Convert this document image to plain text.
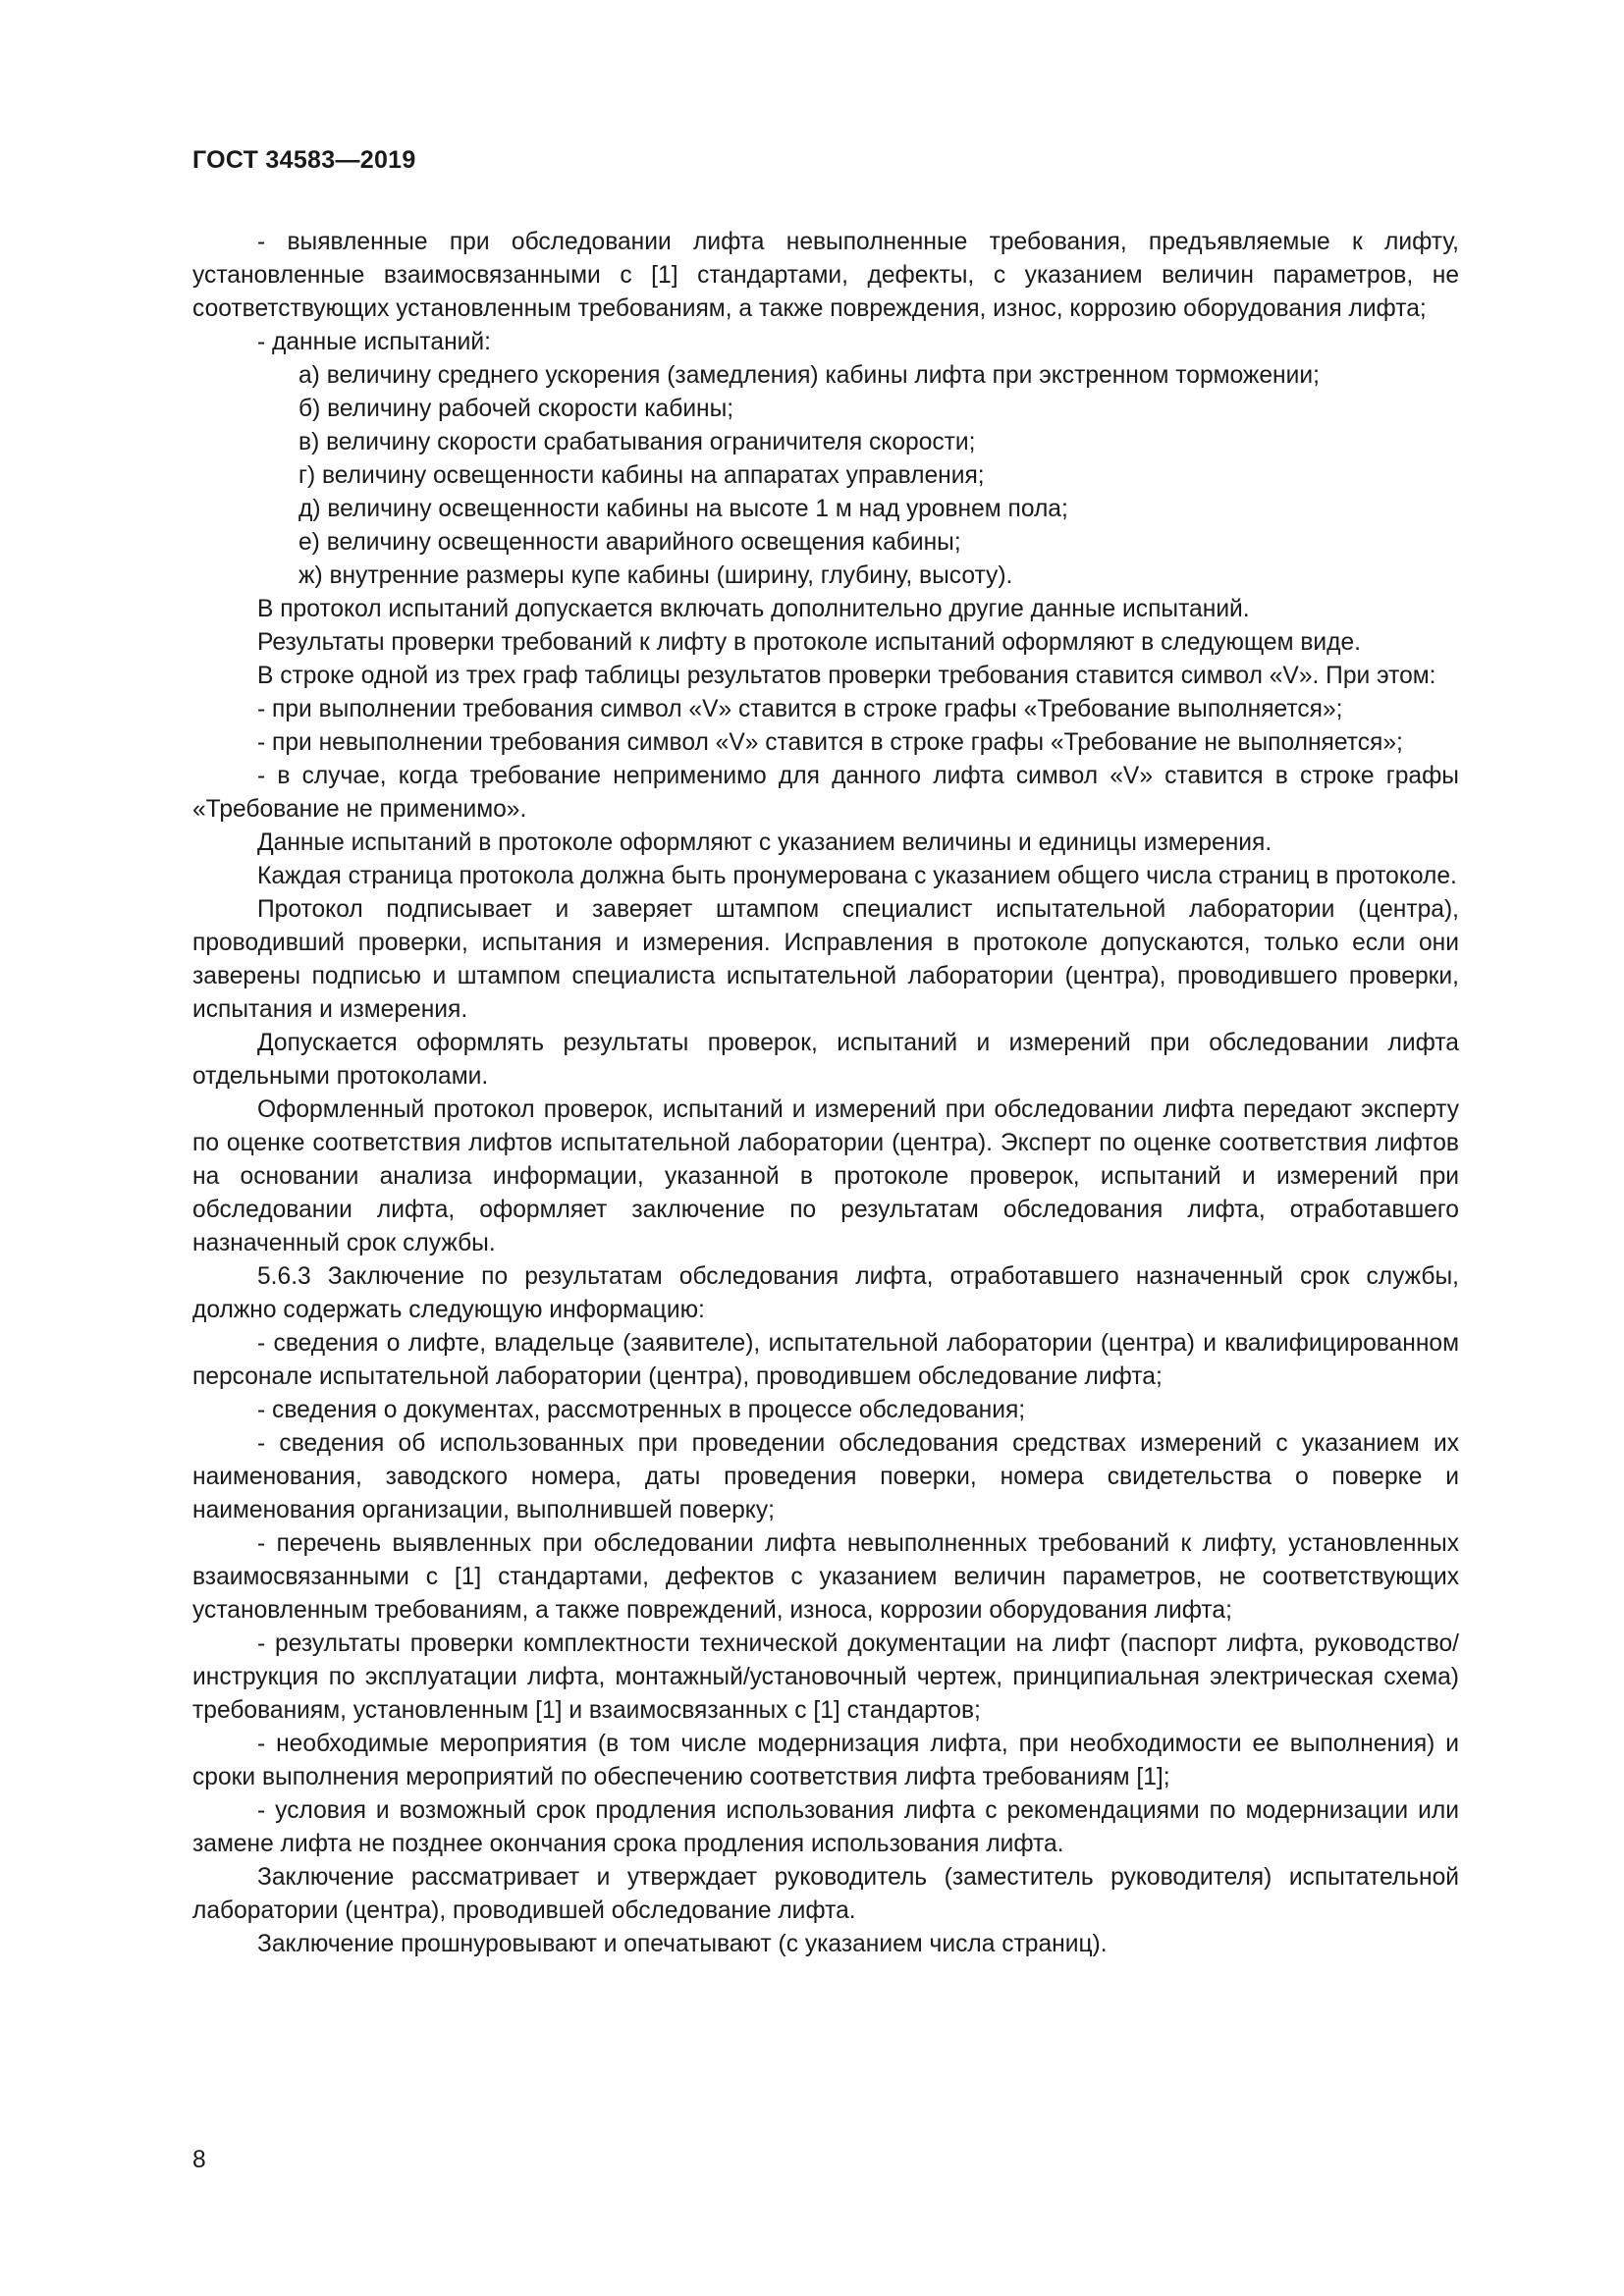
ГОСТ 34583—2019

- выявленные при обследовании лифта невыполненные требования, предъявляемые к лифту, установленные взаимосвязанными с [1] стандартами, дефекты, с указанием величин параметров, не соответствующих установленным требованиям, а также повреждения, износ, коррозию оборудования лифта;

- данные испытаний:

а) величину среднего ускорения (замедления) кабины лифта при экстренном торможении;

б) величину рабочей скорости кабины;

в) величину скорости срабатывания ограничителя скорости;

г) величину освещенности кабины на аппаратах управления;

д) величину освещенности кабины на высоте 1 м над уровнем пола;

е) величину освещенности аварийного освещения кабины;

ж) внутренние размеры купе кабины (ширину, глубину, высоту).

В протокол испытаний допускается включать дополнительно другие данные испытаний.

Результаты проверки требований к лифту в протоколе испытаний оформляют в следующем виде.

В строке одной из трех граф таблицы результатов проверки требования ставится символ «V». При этом:

- при выполнении требования символ «V» ставится в строке графы «Требование выполняется»;

- при невыполнении требования символ «V» ставится в строке графы «Требование не выполняется»;

- в случае, когда требование неприменимо для данного лифта символ «V» ставится в строке графы «Требование не применимо».

Данные испытаний в протоколе оформляют с указанием величины и единицы измерения.

Каждая страница протокола должна быть пронумерована с указанием общего числа страниц в протоколе.

Протокол подписывает и заверяет штампом специалист испытательной лаборатории (центра), проводивший проверки, испытания и измерения. Исправления в протоколе допускаются, только если они заверены подписью и штампом специалиста испытательной лаборатории (центра), проводившего проверки, испытания и измерения.

Допускается оформлять результаты проверок, испытаний и измерений при обследовании лифта отдельными протоколами.

Оформленный протокол проверок, испытаний и измерений при обследовании лифта передают эксперту по оценке соответствия лифтов испытательной лаборатории (центра). Эксперт по оценке соответствия лифтов на основании анализа информации, указанной в протоколе проверок, испытаний и измерений при обследовании лифта, оформляет заключение по результатам обследования лифта, отработавшего назначенный срок службы.

5.6.3 Заключение по результатам обследования лифта, отработавшего назначенный срок службы, должно содержать следующую информацию:

- сведения о лифте, владельце (заявителе), испытательной лаборатории (центра) и квалифицированном персонале испытательной лаборатории (центра), проводившем обследование лифта;

- сведения о документах, рассмотренных в процессе обследования;

- сведения об использованных при проведении обследования средствах измерений с указанием их наименования, заводского номера, даты проведения поверки, номера свидетельства о поверке и наименования организации, выполнившей поверку;

- перечень выявленных при обследовании лифта невыполненных требований к лифту, установленных взаимосвязанными с [1] стандартами, дефектов с указанием величин параметров, не соответствующих установленным требованиям, а также повреждений, износа, коррозии оборудования лифта;

- результаты проверки комплектности технической документации на лифт (паспорт лифта, руководство/инструкция по эксплуатации лифта, монтажный/установочный чертеж, принципиальная электрическая схема) требованиям, установленным [1] и взаимосвязанных с [1] стандартов;

- необходимые мероприятия (в том числе модернизация лифта, при необходимости ее выполнения) и сроки выполнения мероприятий по обеспечению соответствия лифта требованиям [1];

- условия и возможный срок продления использования лифта с рекомендациями по модернизации или замене лифта не позднее окончания срока продления использования лифта.

Заключение рассматривает и утверждает руководитель (заместитель руководителя) испытательной лаборатории (центра), проводившей обследование лифта.

Заключение прошнуровывают и опечатывают (с указанием числа страниц).

8
